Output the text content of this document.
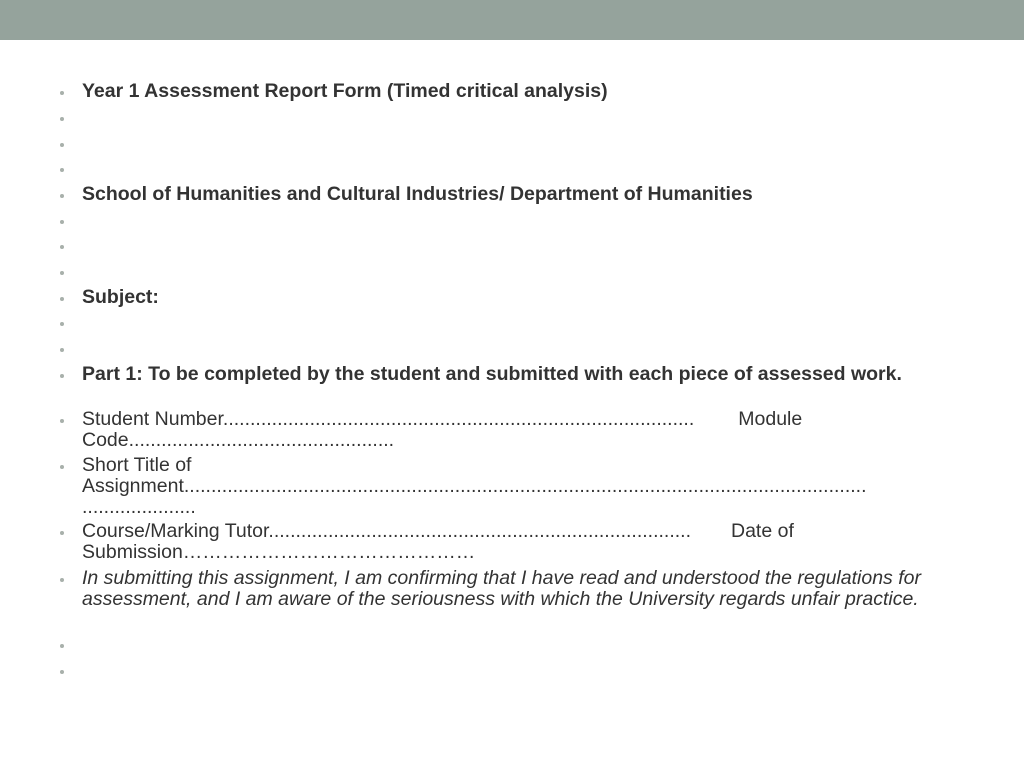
Year 1 Assessment Report Form (Timed critical analysis)
School of Humanities and Cultural Industries/ Department of Humanities
Subject:
Part 1: To be completed by the student and submitted with each piece of assessed work.
Student Number....................................................................................... Module
Code.................................................
Short Title of
Assignment..............................................................................................................................
.....................
Course/Marking Tutor.............................................................................. Date of
Submission………………………………………
In submitting this assignment, I am confirming that I have read and understood the regulations for assessment, and I am aware of the seriousness with which the University regards unfair practice.
